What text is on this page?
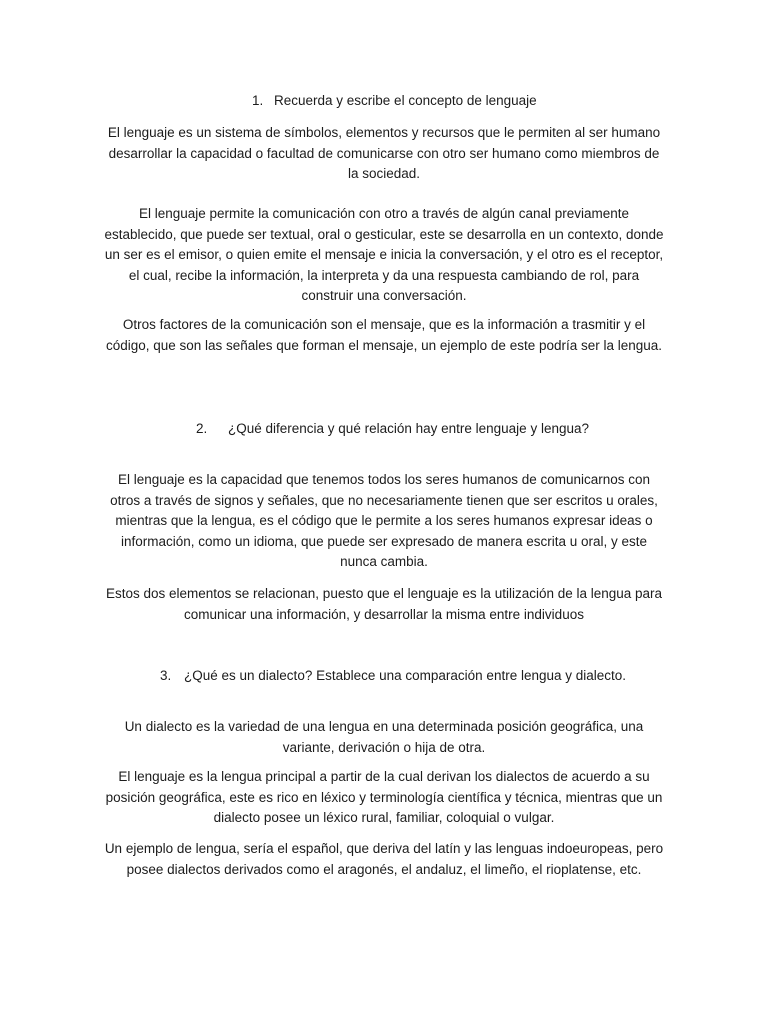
1. Recuerda y escribe el concepto de lenguaje

El lenguaje es un sistema de símbolos, elementos y recursos que le permiten al ser humano desarrollar la capacidad o facultad de comunicarse con otro ser humano como miembros de la sociedad.

El lenguaje permite la comunicación con otro a través de algún canal previamente establecido, que puede ser textual, oral o gesticular, este se desarrolla en un contexto, donde un ser es el emisor, o quien emite el mensaje e inicia la conversación, y el otro es el receptor, el cual, recibe la información, la interpreta y da una respuesta cambiando de rol, para construir una conversación.

Otros factores de la comunicación son el mensaje, que es la información a trasmitir y el código, que son las señales que forman el mensaje, un ejemplo de este podría ser la lengua.

2. ¿Qué diferencia y qué relación hay entre lenguaje y lengua?

El lenguaje es la capacidad que tenemos todos los seres humanos de comunicarnos con otros a través de signos y señales, que no necesariamente tienen que ser escritos u orales, mientras que la lengua, es el código que le permite a los seres humanos expresar ideas o información, como un idioma, que puede ser expresado de manera escrita u oral, y este nunca cambia.

Estos dos elementos se relacionan, puesto que el lenguaje es la utilización de la lengua para comunicar una información, y desarrollar la misma entre individuos

3. ¿Qué es un dialecto? Establece una comparación entre lengua y dialecto.

Un dialecto es la variedad de una lengua en una determinada posición geográfica, una variante, derivación o hija de otra.

El lenguaje es la lengua principal a partir de la cual derivan los dialectos de acuerdo a su posición geográfica, este es rico en léxico y terminología científica y técnica, mientras que un dialecto posee un léxico rural, familiar, coloquial o vulgar.

Un ejemplo de lengua, sería el español, que deriva del latín y las lenguas indoeuropeas, pero posee dialectos derivados como el aragonés, el andaluz, el limeño, el rioplatense, etc.
